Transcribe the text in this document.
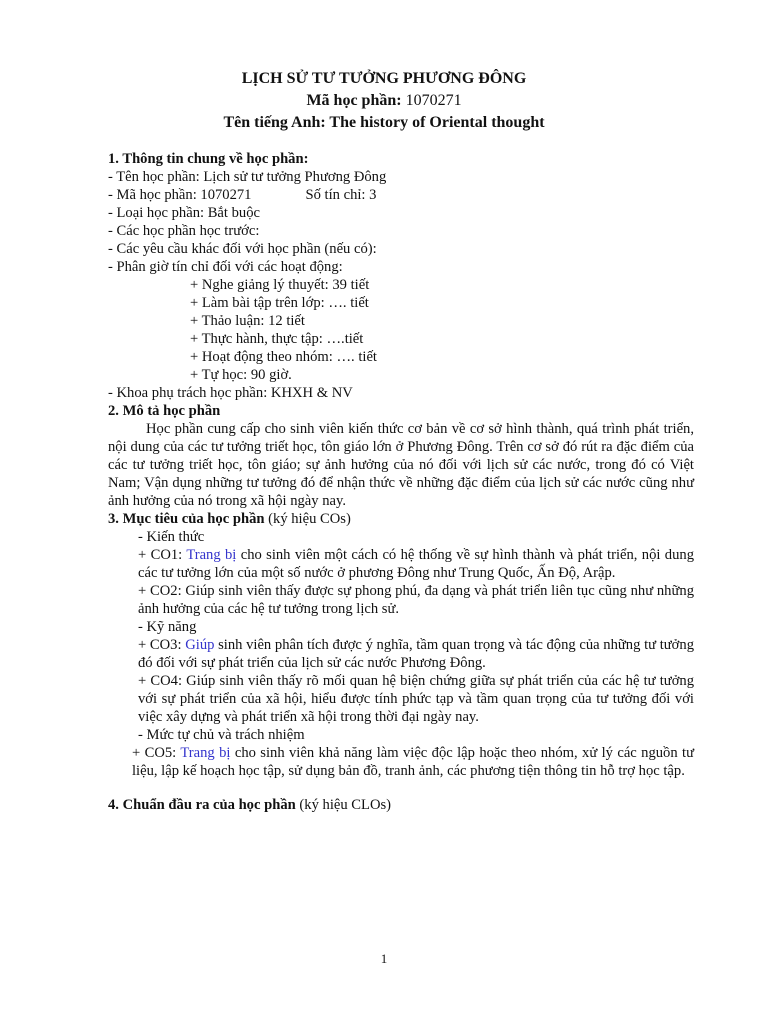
LỊCH SỬ TƯ TƯỞNG PHƯƠNG ĐÔNG
Mã học phần: 1070271
Tên tiếng Anh: The history of Oriental thought
1. Thông tin chung về học phần:
- Tên học phần: Lịch sử tư tưởng Phương Đông
- Mã học phần: 1070271	Số tín chỉ: 3
- Loại học phần: Bắt buộc
- Các học phần học trước:
- Các yêu cầu khác đối với học phần (nếu có):
- Phân giờ tín chỉ đối với các hoạt động:
+ Nghe giảng lý thuyết: 39 tiết
+ Làm bài tập trên lớp: …. tiết
+ Thảo luận: 12 tiết
+ Thực hành, thực tập: ….tiết
+ Hoạt động theo nhóm: …. tiết
+ Tự học: 90 giờ.
- Khoa phụ trách học phần: KHXH & NV
2. Mô tả học phần
Học phần cung cấp cho sinh viên kiến thức cơ bản về cơ sở hình thành, quá trình phát triển, nội dung của các tư tưởng triết học, tôn giáo lớn ở Phương Đông. Trên cơ sở đó rút ra đặc điểm của các tư tưởng triết học, tôn giáo; sự ảnh hưởng của nó đối với lịch sử các nước, trong đó có Việt Nam; Vận dụng những tư tưởng đó để nhận thức về những đặc điểm của lịch sử các nước cũng như ảnh hưởng của nó trong xã hội ngày nay.
3. Mục tiêu của học phần (ký hiệu COs)
- Kiến thức
+ CO1: Trang bị cho sinh viên một cách có hệ thống về sự hình thành và phát triển, nội dung các tư tưởng lớn của một số nước ở phương Đông như Trung Quốc, Ấn Độ, Arập.
+ CO2: Giúp sinh viên thấy được sự phong phú, đa dạng và phát triển liên tục cũng như những ảnh hưởng của các hệ tư tưởng trong lịch sử.
- Kỹ năng
+ CO3: Giúp sinh viên phân tích được ý nghĩa, tầm quan trọng và tác động của những tư tưởng đó đối với sự phát triển của lịch sử các nước Phương Đông.
+ CO4: Giúp sinh viên thấy rõ mối quan hệ biện chứng giữa sự phát triển của các hệ tư tưởng với sự phát triển của xã hội, hiểu được tính phức tạp và tầm quan trọng của tư tưởng đối với việc xây dựng và phát triển xã hội trong thời đại ngày nay.
- Mức tự chủ và trách nhiệm
+ CO5: Trang bị cho sinh viên khả năng làm việc độc lập hoặc theo nhóm, xử lý các nguồn tư liệu, lập kế hoạch học tập, sử dụng bản đồ, tranh ảnh, các phương tiện thông tin hỗ trợ học tập.
4. Chuẩn đầu ra của học phần (ký hiệu CLOs)
1
